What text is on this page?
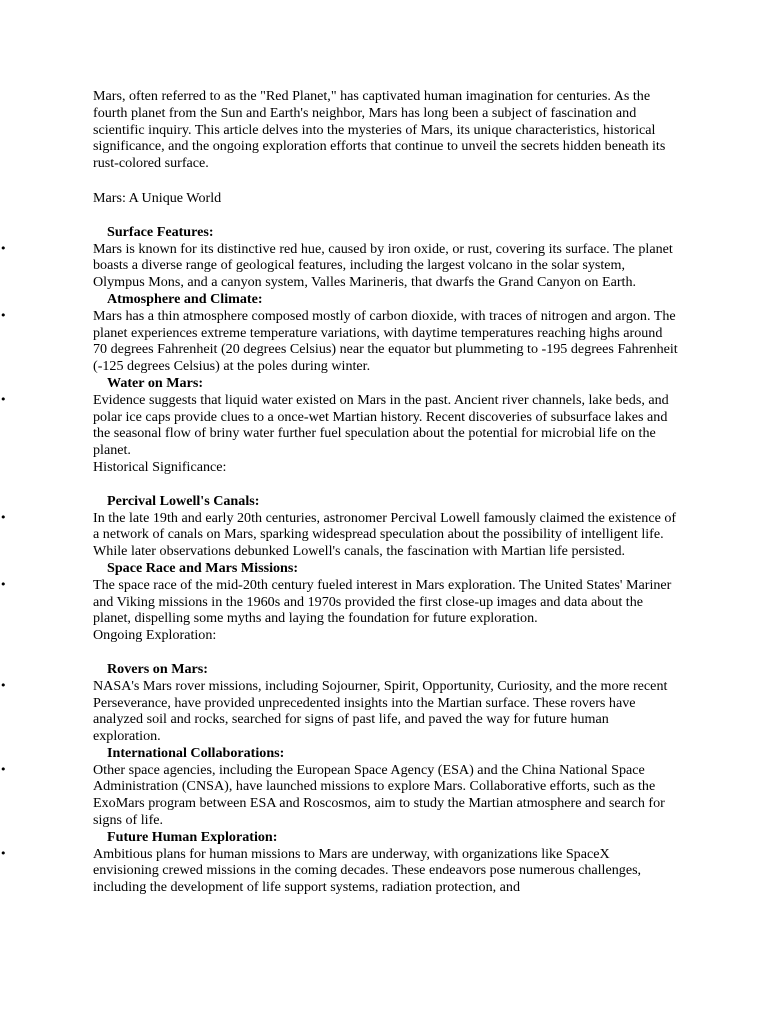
Mars, often referred to as the "Red Planet," has captivated human imagination for centuries. As the fourth planet from the Sun and Earth's neighbor, Mars has long been a subject of fascination and scientific inquiry. This article delves into the mysteries of Mars, its unique characteristics, historical significance, and the ongoing exploration efforts that continue to unveil the secrets hidden beneath its rust-colored surface.

Mars: A Unique World
•
Surface Features:
Mars is known for its distinctive red hue, caused by iron oxide, or rust, covering its surface. The planet boasts a diverse range of geological features, including the largest volcano in the solar system, Olympus Mons, and a canyon system, Valles Marineris, that dwarfs the Grand Canyon on Earth.
•
Atmosphere and Climate:
Mars has a thin atmosphere composed mostly of carbon dioxide, with traces of nitrogen and argon. The planet experiences extreme temperature variations, with daytime temperatures reaching highs around 70 degrees Fahrenheit (20 degrees Celsius) near the equator but plummeting to -195 degrees Fahrenheit (-125 degrees Celsius) at the poles during winter.
•
Water on Mars:
Evidence suggests that liquid water existed on Mars in the past. Ancient river channels, lake beds, and polar ice caps provide clues to a once-wet Martian history. Recent discoveries of subsurface lakes and the seasonal flow of briny water further fuel speculation about the potential for microbial life on the planet.
Historical Significance:
•
Percival Lowell's Canals:
In the late 19th and early 20th centuries, astronomer Percival Lowell famously claimed the existence of a network of canals on Mars, sparking widespread speculation about the possibility of intelligent life. While later observations debunked Lowell's canals, the fascination with Martian life persisted.
•
Space Race and Mars Missions:
The space race of the mid-20th century fueled interest in Mars exploration. The United States' Mariner and Viking missions in the 1960s and 1970s provided the first close-up images and data about the planet, dispelling some myths and laying the foundation for future exploration.
Ongoing Exploration:
•
Rovers on Mars:
NASA's Mars rover missions, including Sojourner, Spirit, Opportunity, Curiosity, and the more recent Perseverance, have provided unprecedented insights into the Martian surface. These rovers have analyzed soil and rocks, searched for signs of past life, and paved the way for future human exploration.
•
International Collaborations:
Other space agencies, including the European Space Agency (ESA) and the China National Space Administration (CNSA), have launched missions to explore Mars. Collaborative efforts, such as the ExoMars program between ESA and Roscosmos, aim to study the Martian atmosphere and search for signs of life.
•
Future Human Exploration:
Ambitious plans for human missions to Mars are underway, with organizations like SpaceX envisioning crewed missions in the coming decades. These endeavors pose numerous challenges, including the development of life support systems, radiation protection, and
